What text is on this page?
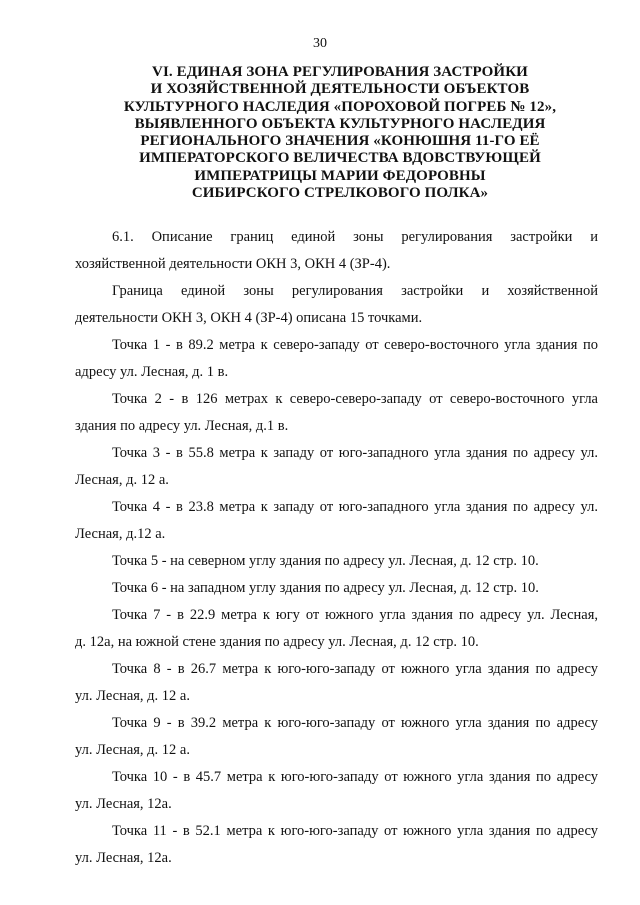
30
VI. ЕДИНАЯ ЗОНА РЕГУЛИРОВАНИЯ ЗАСТРОЙКИ
И ХОЗЯЙСТВЕННОЙ ДЕЯТЕЛЬНОСТИ ОБЪЕКТОВ
КУЛЬТУРНОГО НАСЛЕДИЯ «ПОРОХОВОЙ ПОГРЕБ № 12»,
ВЫЯВЛЕННОГО ОБЪЕКТА КУЛЬТУРНОГО НАСЛЕДИЯ
РЕГИОНАЛЬНОГО ЗНАЧЕНИЯ «КОНЮШНЯ 11-ГО ЕЁ
ИМПЕРАТОРСКОГО ВЕЛИЧЕСТВА ВДОВСТВУЮЩЕЙ
ИМПЕРАТРИЦЫ МАРИИ ФЕДОРОВНЫ
СИБИРСКОГО СТРЕЛКОВОГО ПОЛКА»

6.1. Описание границ единой зоны регулирования застройки и
хозяйственной деятельности ОКН 3, ОКН 4 (ЗР-4).

Граница единой зоны регулирования застройки и хозяйственной
деятельности ОКН 3, ОКН 4 (ЗР-4) описана 15 точками.

Точка 1 - в 89.2 метра к северо-западу от северо-восточного угла здания по
адресу ул. Лесная, д. 1 в.

Точка 2 - в 126 метрах к северо-северо-западу от северо-восточного угла
здания по адресу ул. Лесная, д.1 в.

Точка 3 - в 55.8 метра к западу от юго-западного угла здания по адресу ул.
Лесная, д. 12 а.

Точка 4 - в 23.8 метра к западу от юго-западного угла здания по адресу ул.
Лесная, д.12 а.

Точка 5 - на северном углу здания по адресу ул. Лесная, д. 12 стр. 10.

Точка 6 - на западном углу здания по адресу ул. Лесная, д. 12 стр. 10.

Точка 7 - в 22.9 метра к югу от южного угла здания по адресу ул. Лесная,
д. 12а, на южной стене здания по адресу ул. Лесная, д. 12 стр. 10.

Точка 8 - в 26.7 метра к юго-юго-западу от южного угла здания по адресу
ул. Лесная, д. 12 а.

Точка 9 - в 39.2 метра к юго-юго-западу от южного угла здания по адресу
ул. Лесная, д. 12 а.

Точка 10 - в 45.7 метра к юго-юго-западу от южного угла здания по адресу
ул. Лесная, 12а.

Точка 11 - в 52.1 метра к юго-юго-западу от южного угла здания по адресу
ул. Лесная, 12а.
